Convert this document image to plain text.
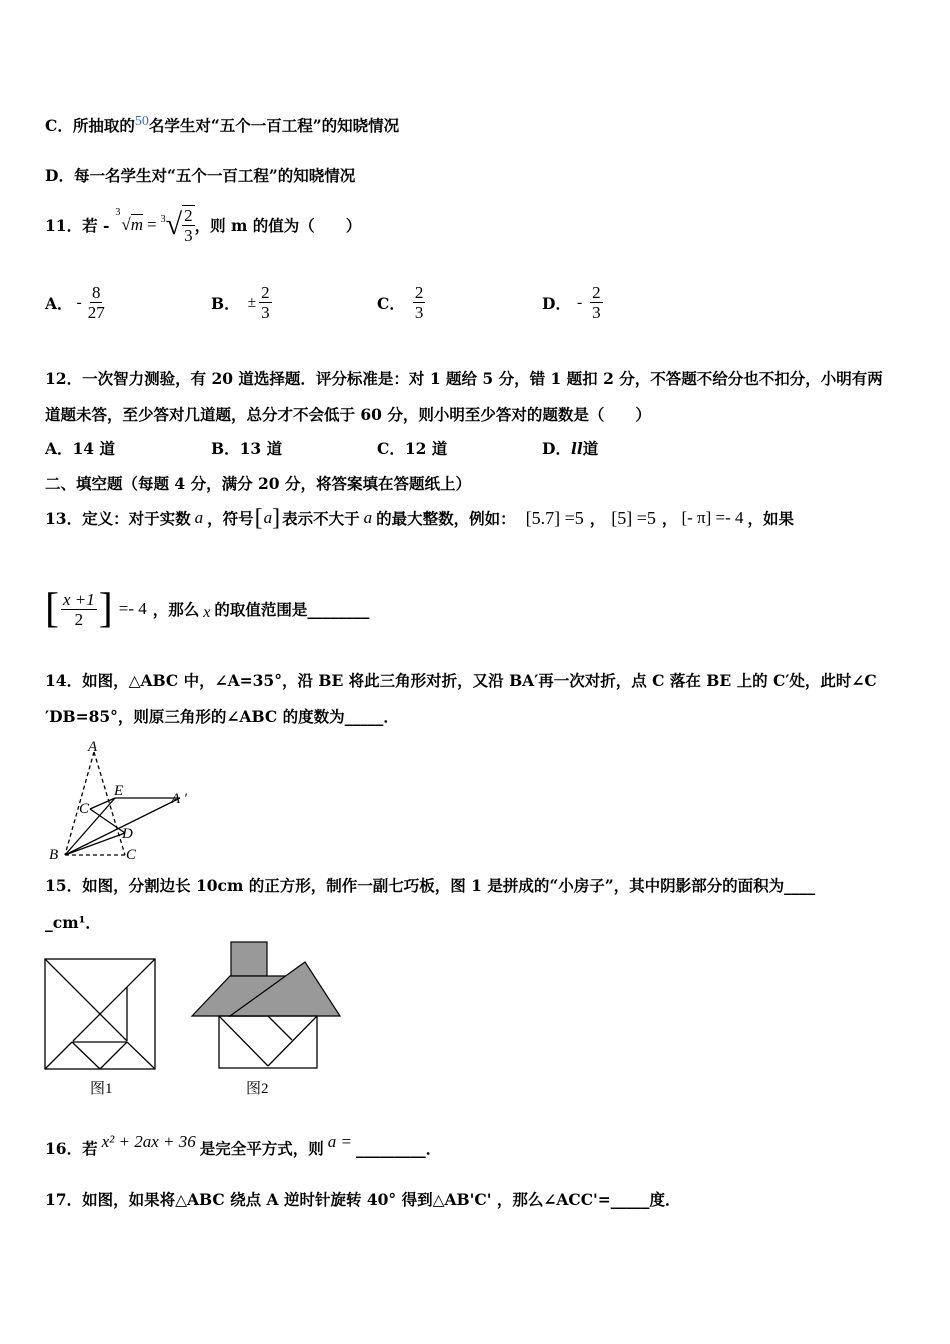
C．所抽取的$^{50}$名学生对“五个一百工程”的知晓情况
D．每一名学生对“五个一百工程”的知晓情况
11．若 -
3
√m = 3 √ $\frac{2}{3}$ ，则 m 的值为（　　）
A． - $\frac{8}{27}$	B． ± $\frac{2}{3}$	C． $\frac{2}{3}$	D． - $\frac{2}{3}$
12．一次智力测验，有 20 道选择题．评分标准是：对 1 题给 5 分，错 1 题扣 2 分，不答题不给分也不扣分，小明有两
道题未答，至少答对几道题，总分才不会低于 60 分，则小明至少答对的题数是（　　）
A．14 道	B．13 道	C．12 道	D．ll道
二、填空题（每题 4 分，满分 20 分，将答案填在答题纸上）
13．定义：对于实数 a ，符号 [ a ] 表示不大于 a 的最大整数，例如： [5.7] =5 ， [5] =5 ， [- π] =- 4 ，如果
[ $\frac{x +1}{2}$ ] =- 4 ，那么 x 的取值范围是________
14．如图，△ABC 中，∠A=35°，沿 BE 将此三角形对折，又沿 BA′再一次对折，点 C 落在 BE 上的 C′处，此时∠C
′DB=85°，则原三角形的∠ABC 的度数为_____．
A
E	A ′
C
D
B	C
15．如图，分割边长 10cm 的正方形，制作一副七巧板，图 1 是拼成的“小房子”，其中阴影部分的面积为____
_cm¹．
图1	图2
16．若 x² + 2ax + 36 是完全平方式，则 a = _________．
17．如图，如果将△ABC 绕点 A 逆时针旋转 40° 得到△AB'C' ，那么∠ACC'=_____度．
